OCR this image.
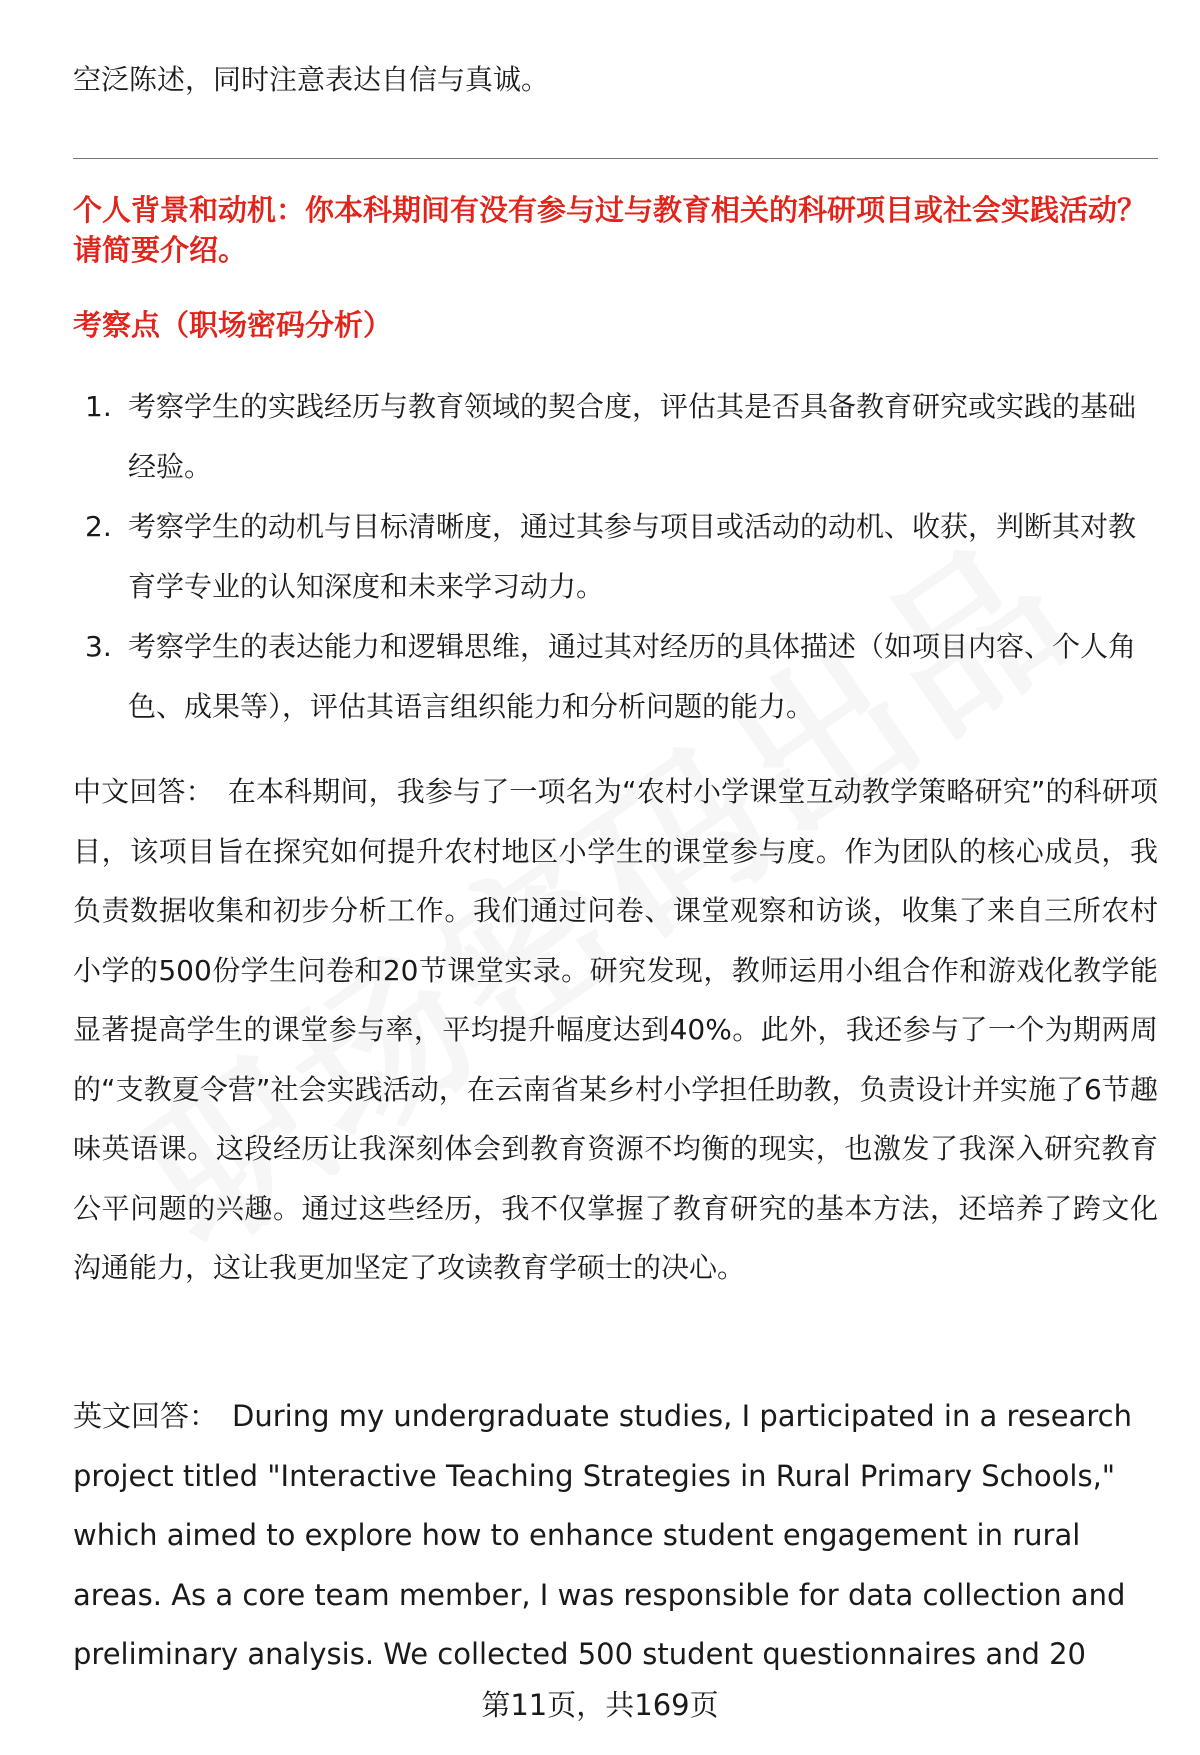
空泛陈述，同时注意表达自信与真诚。
个人背景和动机：你本科期间有没有参与过与教育相关的科研项目或社会实践活动？请简要介绍。
考察点（职场密码分析）
1. 考察学生的实践经历与教育领域的契合度，评估其是否具备教育研究或实践的基础经验。
2. 考察学生的动机与目标清晰度，通过其参与项目或活动的动机、收获，判断其对教育学专业的认知深度和未来学习动力。
3. 考察学生的表达能力和逻辑思维，通过其对经历的具体描述（如项目内容、个人角色、成果等），评估其语言组织能力和分析问题的能力。
中文回答： 在本科期间，我参与了一项名为“农村小学课堂互动教学策略研究”的科研项目，该项目旨在探究如何提升农村地区小学生的课堂参与度。作为团队的核心成员，我负责数据收集和初步分析工作。我们通过问卷、课堂观察和访谈，收集了来自三所农村小学的500份学生问卷和20节课堂实录。研究发现，教师运用小组合作和游戏化教学能显著提高学生的课堂参与率，平均提升幅度达到40%。此外，我还参与了一个为期两周的“支教夏令营”社会实践活动，在云南省某乡村小学担任助教，负责设计并实施了6节趣味英语课。这段经历让我深刻体会到教育资源不均衡的现实，也激发了我深入研究教育公平问题的兴趣。通过这些经历，我不仅掌握了教育研究的基本方法，还培养了跨文化沟通能力，这让我更加坚定了攻读教育学硕士的决心。
英文回答： During my undergraduate studies, I participated in a research project titled "Interactive Teaching Strategies in Rural Primary Schools," which aimed to explore how to enhance student engagement in rural areas. As a core team member, I was responsible for data collection and preliminary analysis. We collected 500 student questionnaires and 20
第11页，共169页
